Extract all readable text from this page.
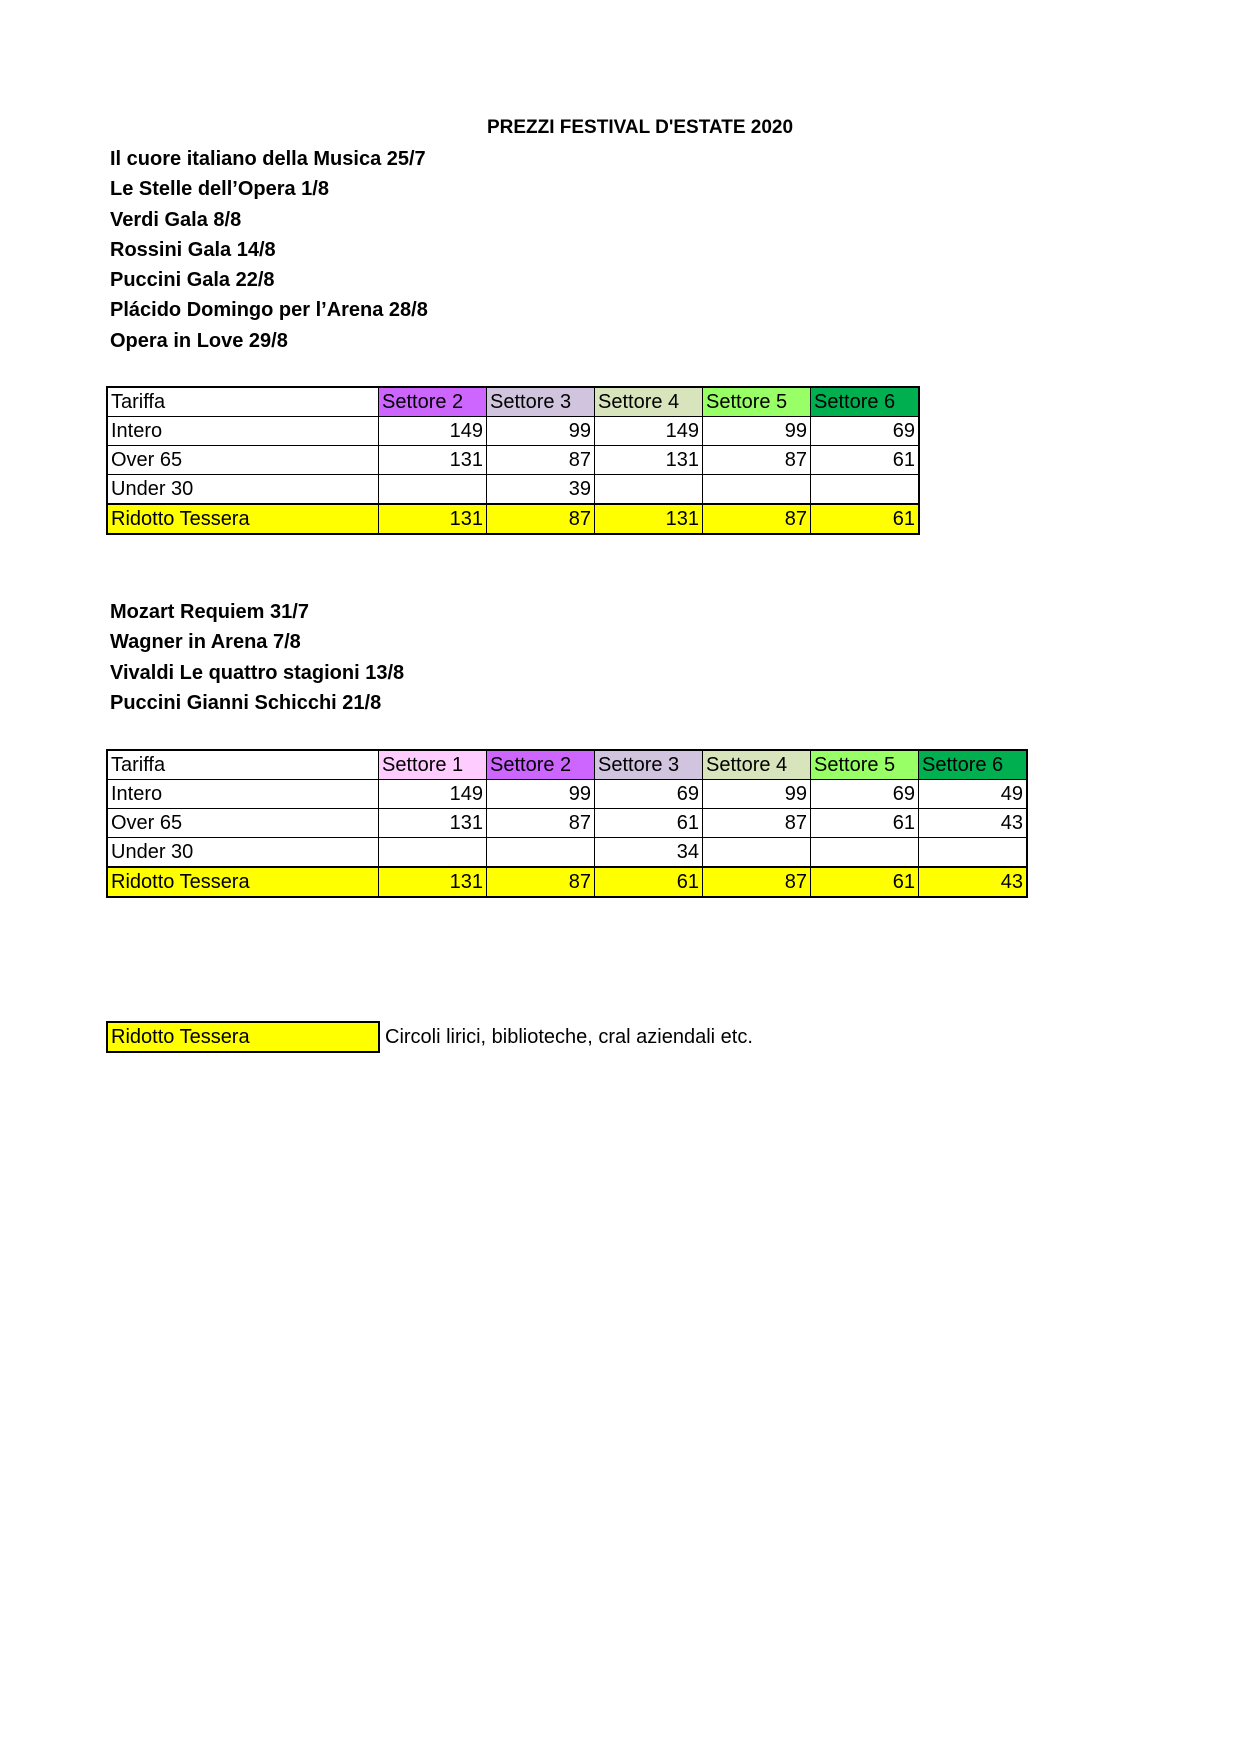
PREZZI FESTIVAL D'ESTATE 2020
Il cuore italiano della Musica 25/7
Le Stelle dell’Opera 1/8
Verdi Gala 8/8
Rossini Gala 14/8
Puccini Gala 22/8
Plácido Domingo per l’Arena 28/8
Opera in Love 29/8
Tariffa	Settore 2	Settore 3	Settore 4	Settore 5	Settore 6
Intero	149	99	149	99	69
Over 65	131	87	131	87	61
Under 30		39			
Ridotto Tessera	131	87	131	87	61
Mozart Requiem 31/7
Wagner in Arena 7/8
Vivaldi Le quattro stagioni 13/8
Puccini Gianni Schicchi 21/8
Tariffa	Settore 1	Settore 2	Settore 3	Settore 4	Settore 5	Settore 6
Intero	149	99	69	99	69	49
Over 65	131	87	61	87	61	43
Under 30			34			
Ridotto Tessera	131	87	61	87	61	43
Ridotto Tessera	Circoli lirici, biblioteche, cral aziendali etc.
